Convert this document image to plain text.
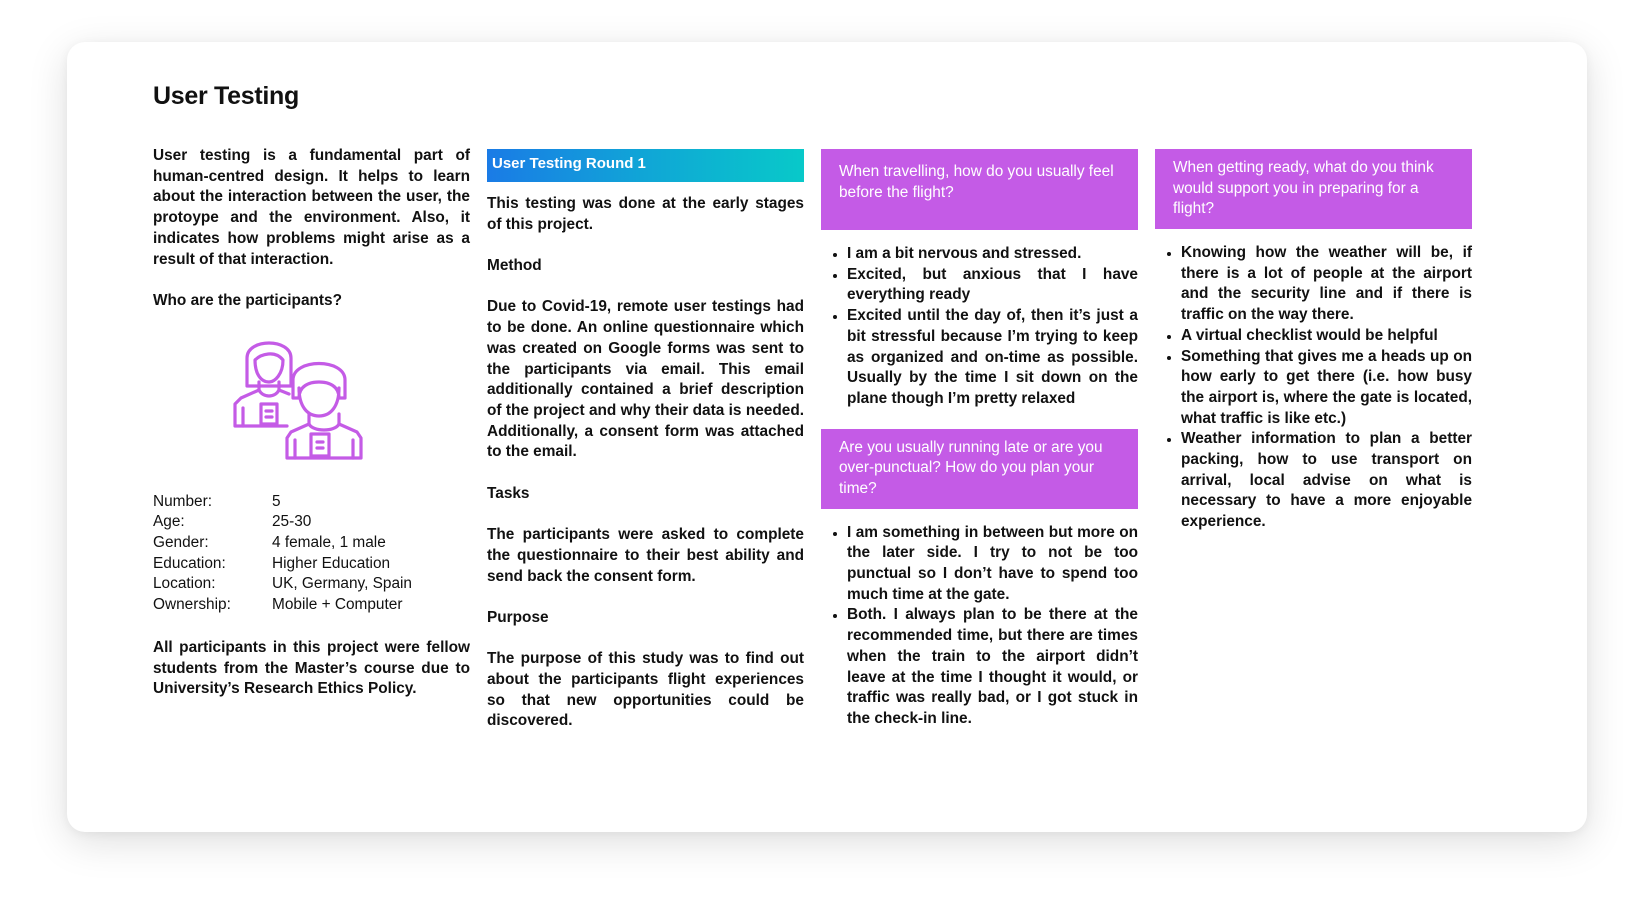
User Testing

User testing is a fundamental part of human-centred design. It helps to learn about the interaction between the user, the protoype and the environment. Also, it indicates how problems might arise as a result of that interaction.

Who are the participants?

Number:	5
Age:	25-30
Gender:	4 female, 1 male
Education:	Higher Education
Location:	UK, Germany, Spain
Ownership:	Mobile + Computer

All participants in this project were fellow students from the Master’s course due to University’s Research Ethics Policy.

User Testing Round 1

This testing was done at the early stages of this project.

Method

Due to Covid-19, remote user testings had to be done. An online questionnaire which was created on Google forms was sent to the participants via email. This email additionally contained a brief description of the project and why their data is needed. Additionally, a consent form was attached to the email.

Tasks

The participants were asked to complete the questionnaire to their best ability and send back the consent form.

Purpose

The purpose of this study was to find out about the participants flight experiences so that new opportunities could be discovered.

When travelling, how do you usually feel before the flight?
• I am a bit nervous and stressed.
• Excited, but anxious that I have everything ready
• Excited until the day of, then it’s just a bit stressful because I’m trying to keep as organized and on-time as possible. Usually by the time I sit down on the plane though I’m pretty relaxed
Are you usually running late or are you over-punctual? How do you plan your time?
• I am something in between but more on the later side. I try to not be too punctual so I don’t have to spend too much time at the gate.
• Both. I always plan to be there at the recommended time, but there are times when the train to the airport didn’t leave at the time I thought it would, or traffic was really bad, or I got stuck in the check-in line.
When getting ready, what do you think would support you in preparing for a flight?
• Knowing how the weather will be, if there is a lot of people at the airport and the security line and if there is traffic on the way there.
• A virtual checklist would be helpful
• Something that gives me a heads up on how early to get there (i.e. how busy the airport is, where the gate is located, what traffic is like etc.)
• Weather information to plan a better packing, how to use transport on arrival, local advise on what is necessary to have a more enjoyable experience.
